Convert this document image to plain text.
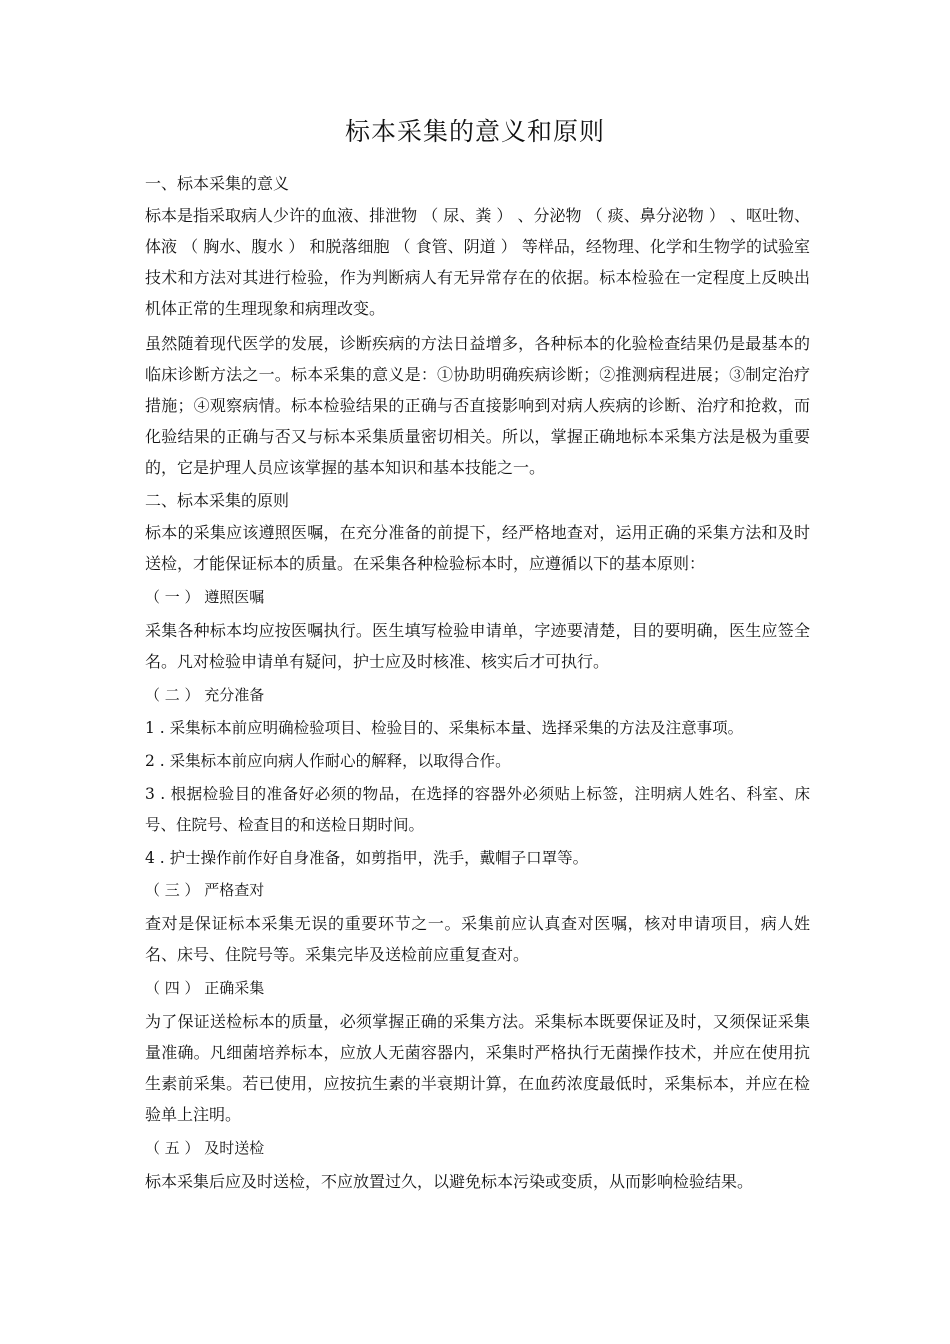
标本采集的意义和原则

一、标本采集的意义

标本是指采取病人少许的血液、排泄物 （ 尿、粪 ） 、分泌物 （ 痰、鼻分泌物 ） 、呕吐物、体液 （ 胸水、腹水 ） 和脱落细胞 （ 食管、阴道 ） 等样品，经物理、化学和生物学的试验室技术和方法对其进行检验，作为判断病人有无异常存在的依据。标本检验在一定程度上反映出机体正常的生理现象和病理改变。

虽然随着现代医学的发展，诊断疾病的方法日益增多，各种标本的化验检查结果仍是最基本的临床诊断方法之一。标本采集的意义是：①协助明确疾病诊断；②推测病程进展；③制定治疗措施；④观察病情。标本检验结果的正确与否直接影响到对病人疾病的诊断、治疗和抢救，而化验结果的正确与否又与标本采集质量密切相关。所以，掌握正确地标本采集方法是极为重要的，它是护理人员应该掌握的基本知识和基本技能之一。

二、标本采集的原则

标本的采集应该遵照医嘱，在充分准备的前提下，经严格地查对，运用正确的采集方法和及时送检，才能保证标本的质量。在采集各种检验标本时，应遵循以下的基本原则：

（ 一 ） 遵照医嘱

采集各种标本均应按医嘱执行。医生填写检验申请单，字迹要清楚，目的要明确，医生应签全名。凡对检验申请单有疑问，护士应及时核准、核实后才可执行。

（ 二 ） 充分准备

1 . 采集标本前应明确检验项目、检验目的、采集标本量、选择采集的方法及注意事项。

2 . 采集标本前应向病人作耐心的解释，以取得合作。

3 . 根据检验目的准备好必须的物品，在选择的容器外必须贴上标签，注明病人姓名、科室、床号、住院号、检查目的和送检日期时间。

4 . 护士操作前作好自身准备，如剪指甲，洗手，戴帽子口罩等。

（ 三 ） 严格查对

查对是保证标本采集无误的重要环节之一。采集前应认真查对医嘱，核对申请项目，病人姓名、床号、住院号等。采集完毕及送检前应重复查对。

（ 四 ） 正确采集

为了保证送检标本的质量，必须掌握正确的采集方法。采集标本既要保证及时，又须保证采集量准确。凡细菌培养标本，应放人无菌容器内，采集时严格执行无菌操作技术，并应在使用抗生素前采集。若已使用，应按抗生素的半衰期计算，在血药浓度最低时，采集标本，并应在检验单上注明。

（ 五 ） 及时送检

标本采集后应及时送检，不应放置过久，以避免标本污染或变质，从而影响检验结果。
